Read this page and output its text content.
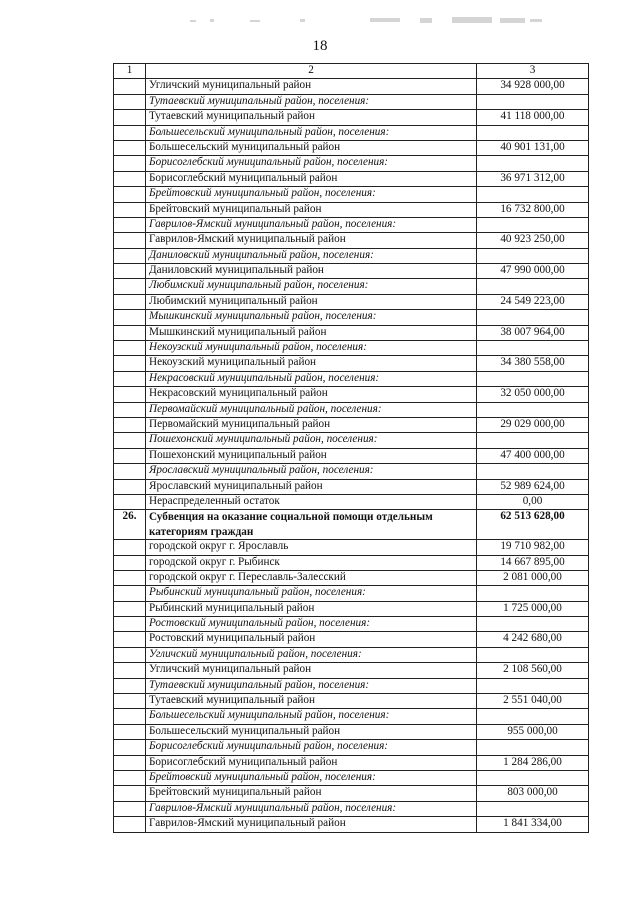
18
1	2	3
	Угличский муниципальный район	34 928 000,00
	Тутаевский муниципальный район, поселения:	
	Тутаевский муниципальный район	41 118 000,00
	Большесельский муниципальный район, поселения:	
	Большесельский муниципальный район	40 901 131,00
	Борисоглебский муниципальный район, поселения:	
	Борисоглебский муниципальный район	36 971 312,00
	Брейтовский муниципальный район, поселения:	
	Брейтовский муниципальный район	16 732 800,00
	Гаврилов-Ямский муниципальный район, поселения:	
	Гаврилов-Ямский муниципальный район	40 923 250,00
	Даниловский муниципальный район, поселения:	
	Даниловский муниципальный район	47 990 000,00
	Любимский муниципальный район, поселения:	
	Любимский муниципальный район	24 549 223,00
	Мышкинский муниципальный район, поселения:	
	Мышкинский муниципальный район	38 007 964,00
	Некоузский муниципальный район, поселения:	
	Некоузский муниципальный район	34 380 558,00
	Некрасовский муниципальный район, поселения:	
	Некрасовский муниципальный район	32 050 000,00
	Первомайский муниципальный район, поселения:	
	Первомайский муниципальный район	29 029 000,00
	Пошехонский муниципальный район, поселения:	
	Пошехонский муниципальный район	47 400 000,00
	Ярославский муниципальный район, поселения:	
	Ярославский муниципальный район	52 989 624,00
	Нераспределенный остаток	0,00
26.	Субвенция на оказание социальной помощи отдельным категориям граждан	62 513 628,00
	городской округ г. Ярославль	19 710 982,00
	городской округ г. Рыбинск	14 667 895,00
	городской округ г. Переславль-Залесский	2 081 000,00
	Рыбинский муниципальный район, поселения:	
	Рыбинский муниципальный район	1 725 000,00
	Ростовский муниципальный район, поселения:	
	Ростовский муниципальный район	4 242 680,00
	Угличский муниципальный район, поселения:	
	Угличский муниципальный район	2 108 560,00
	Тутаевский муниципальный район, поселения:	
	Тутаевский муниципальный район	2 551 040,00
	Большесельский муниципальный район, поселения:	
	Большесельский муниципальный район	955 000,00
	Борисоглебский муниципальный район, поселения:	
	Борисоглебский муниципальный район	1 284 286,00
	Брейтовский муниципальный район, поселения:	
	Брейтовский муниципальный район	803 000,00
	Гаврилов-Ямский муниципальный район, поселения:	
	Гаврилов-Ямский муниципальный район	1 841 334,00
